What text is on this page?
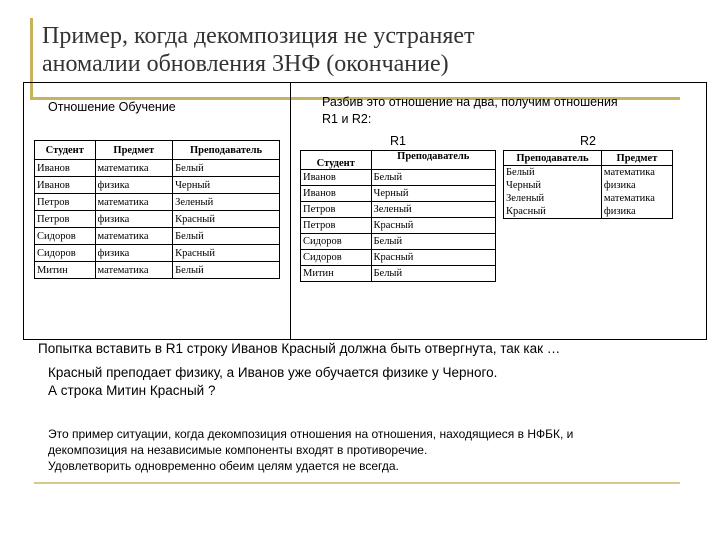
Пример, когда декомпозиция не устраняет
аномалии обновления 3НФ (окончание)
Отношение Обучение
Студент	Предмет	Преподаватель
Иванов	математика	Белый
Иванов	физика	Черный
Петров	математика	Зеленый
Петров	физика	Красный
Сидоров	математика	Белый
Сидоров	физика	Красный
Митин	математика	Белый
Разбив это отношение на два, получим отношения
R1 и R2:
R1
Студент	Преподаватель
Иванов	Белый
Иванов	Черный
Петров	Зеленый
Петров	Красный
Сидоров	Белый
Сидоров	Красный
Митин	Белый
R2
Преподаватель	Предмет
Белый	математика
Черный	физика
Зеленый	математика
Красный	физика
Попытка вставить в R1 строку Иванов Красный должна быть отвергнута, так как …
Красный преподает физику, а Иванов уже обучается физике у Черного.
А строка Митин Красный ?
Это пример ситуации, когда декомпозиция отношения на отношения, находящиеся в НФБК, и
декомпозиция на независимые компоненты входят в противоречие.
Удовлетворить одновременно обеим целям удается не всегда.
